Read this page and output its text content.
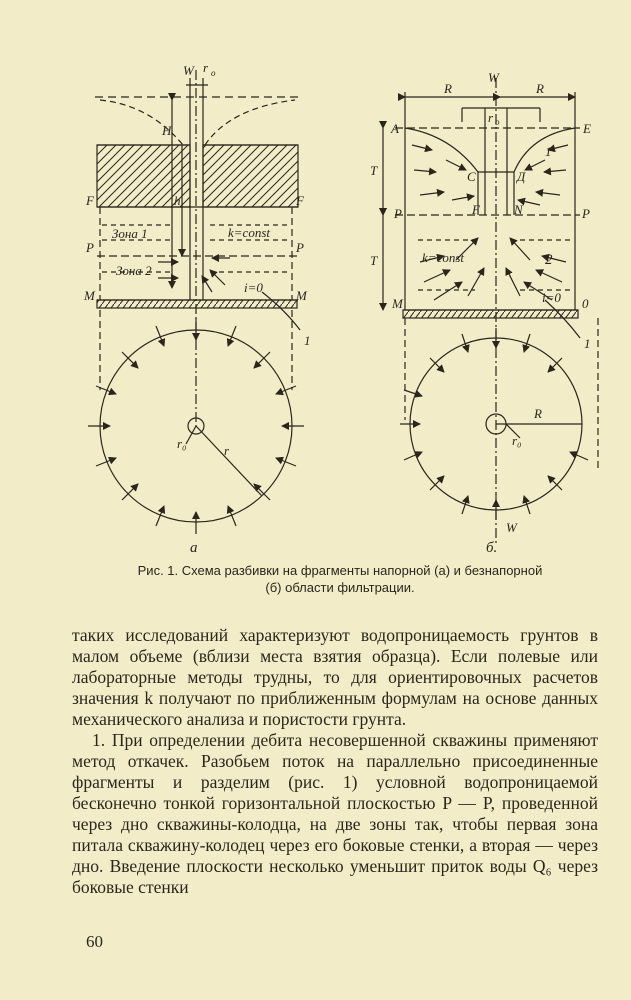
W r o
H
h
F	F
P	P
M	M
Зона 1
Зона 2
k=const
i=0
1
r₀	r
а
W
R	R
r o
A	E
C	Д
F	N
T
T
P	P
M	0
k=const	2
1
i=0
1
R
r₀
W
б.
Рис. 1. Схема разбивки на фрагменты напорной (а) и безнапорной
(б) области фильтрации.

таких исследований характеризуют водопроницаемость грунтов в малом объеме (вблизи места взятия образца). Если полевые или лабораторные методы трудны, то для ориентировочных расчетов значения k получают по приближенным формулам на основе данных механического анализа и пористости грунта.

1. При определении дебита несовершенной скважины применяют метод откачек. Разобьем поток на параллельно присоединенные фрагменты и разделим (рис. 1) условной водопроницаемой бесконечно тонкой горизонтальной плоскостью P — P, проведенной через дно скважины-колодца, на две зоны так, чтобы первая зона питала скважину-колодец через его боковые стенки, а вторая — через дно. Введение плоскости несколько уменьшит приток воды Q₆ через боковые стенки

60
